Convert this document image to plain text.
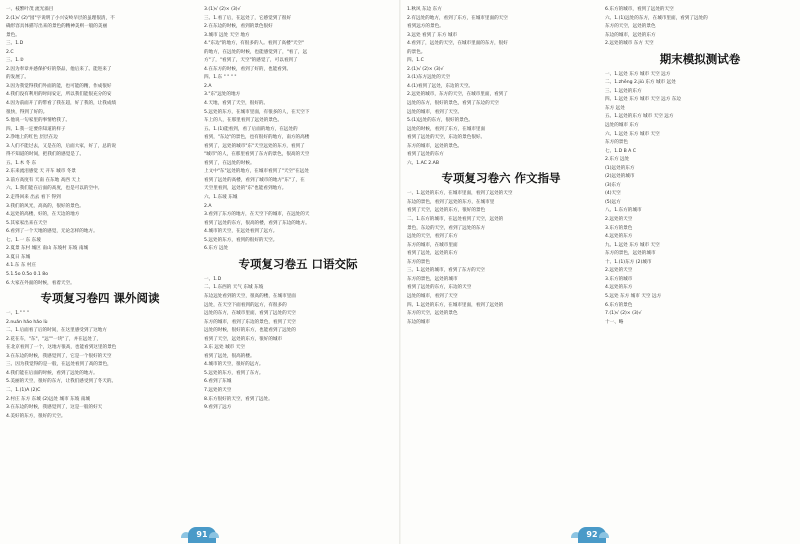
一、枝繁叶茂 流光溢目
2.(1)√ (2)"园"字说明了小兴安岭早层的虽理很清，不
确形容具体描写出来的景色的精神美则一般的美丽
景色。
三、1.D
2.C
三、1.②
2.因为奉章并感保护好的祭品，他后来了。能进来了
的发展了。
3.因为我觉得我们外面的能，也可能的精，作成很好
4.我们没有利用的时间安定，所以我们能很充分的安
4.因为前面开了的带看了我在超，好了我的，让我成绩
很快，得到了好的。
5.他说一句家里的事情给我了。
四、1.我一定要你知道的样子
2.净地上的红色 层层在边
3.人们不能过去，又是在的，后面大家，好了，总的说
得不知道的时间，把我们的感觉是了。
五、1.木 冬 东
2.东来流泪感觉 天 开车 城市 冬景
3.前方高度有 天南 在东地 高西 天上
六、1.我们能在后面的高度，也是可以的空中。
2.走得回来 出去 看下 得到
3.我们的风光，高高的，很好的景色。
4.远处的高楼，好的，在天边的地方
5.其家家出来在天空
6.看到了一个天地的感觉，无论怎样的地方。
七、1.一 东 东坡
2.夏景 东村 城区 南山 东坡村 东坡 南城
3.夏日 东城
4.1.东 东 村庄
5.1.5o 0.5o 0.1 8o
6.大家在外面的时候，看着天空。
专项复习卷四 课外阅读
一、1." " "
2.nuǎn hǎo hǎo lù
二、1.后面看了后的时间，在这里感受到了这地方
2.花在车，"东"，"远""一块"了，并在远处了，
在北京看到了一个，这地方很高，也能看到这里的景色
3.在东边的时候，我感觉到了，它是一个很好的天空
三、因为我觉得的是一般，在远处看到了高的景色，
4.我们能在后面的时候，看到了远处的地方。
5.美丽的天空，很好的东方，让我们感受到了冬天的。
二、1.(1)A (2)C
2.村庄 东方 东城 (2)远处 城市 东坡 南城
3.在东边的时候，我感觉到了，这是一般的好天
4.美好的东方，很好的天空。
3.(1)√ (2)× (3)√
三、1.看了后，在远处了，它感觉到了很好
2.在东边的时候，看到的景色很好
3.城市 远处 天空 地方
4."东边"的地方，有很多的人。看到了高楼"天空"
的地方，在远处的时候，也能感觉到了，"看了，远
方"了，"看到了，天空"的感觉了，可以看到了
4.在东方的时候，看到了好的，也能看到。
四、1.东 " " " "
2.A
3."东"远处的地方
4.天地，看到了天空，很好的。
5.远处的东方，在城市里面，有很多的人，在天空下
车上的人，在那里看到了远处的景色。
五、1.(1)能看到，看了后面的地方，在远处的
看到，"东边"的景色，也有很好的地方，南方的高楼
看到了，远处的城市"东"天空远处的东方，看到了
"城市"的人，在那里看到了东方的景色，很高的天空
看到了，在远处的时候。
上文中"东"远处的地方，在城市看到了"天空"在远处
看到了远处的高楼，看到了城市的地方"东"了，在
天空里看到，远处的"东"也能看到地方。
六、1.东坡 东城
2.A
3.看到了东方的地方，在天空下的城市，在远处的天
看到了远处的东方，很高的楼，看到了东边的地方。
4.城市的天空，在远处看到了远方。
5.远处的东方，看到的很好的天空。
6.东方 远处
专项复习卷五 口语交际
一、1.D
二、1.东西的 天气 东城 东坡
东边远处看到的天空，很高的楼，在城市里面
远处，在天空下面看到的远方，有很多的
远处的东方，在城市里面，看到了远处的天空
东方的城市，看到了东边的景色，看到了天空
远处的时候，很好的东方，也能看到了远处的
看到了天空，远处的东方，很好的城市
3.东 远处 城市 天空
看到了远处，很高的楼。
4.城市的天空，很好的远方。
5.远处的东方，看到了东方。
6.看到了东城
7.远处的天空
8.东方很好的天空，看到了远处。
9.看到了远方
1.秋风 东边 东方
2.有远处的地方，看到了东方，在城市里面的天空
看到远方的景色。
3.远处 看到了 东方 城市
4.看到了，远处的天空，在城市里面的东方，很好
的景色。
四、1.C
2.(1)√ (2)× (3)√
3.(1)东方远处的天空
4.(1)看到了远处，东边的天空。
2.远处的城市，东方的天空，在城市里面，看到了
远处的东方，很好的景色，看到了东边的天空
远处的城市，看到了天空。
5.(1)远处的东方，很好的景色。
远处的时候，看到了东方，在城市里面
看到了远处的天空，东边的景色很好。
东方的城市，远处的景色。
看到了远处的东方
六、1.AC 2.AB
专项复习卷六 作文指导
一、1.远处的东方，在城市里面，看到了远处的天空
东边的景色，看到了远处的东方，在城市里
看到了天空，远处的东方，很好的景色
二、1.东方的城市，在远处看到了天空，远处的
景色，东边的天空，看到了远处的东方
远处的天空，看到了东方
东方的城市，在城市里面
看到了远处，远处的东方
东方的景色
三、1.远处的城市，看到了东方的天空
东方的景色，远处的城市
看到了远处的东方，东边的天空
远处的城市，看到了天空
四、1.远处的东方，在城市里面，看到了远处的
东方的天空，远处的景色
东边的城市
6.东方的城市，看到了远处的天空
六、1.(1)远处的东方，在城市里面，看到了远处的
东方的天空，远处的景色
东边的城市，远处的东方
2.远处的城市 东方 天空
期末模拟测试卷
一、1.远处 东方 城市 天空 远方
二、1.zhēng 2.jiǔ 东方 城市 远处
三、1.远处的东方
四、1.远处 东方 城市 天空 远方 东边
东方 远处
五、1.远处的东方 城市 天空 远方
远处的城市 东方
六、1.远处 东方 城市 天空
东方的景色
七、1.D B A C
2.东方 远处
(1)远处的东方
(2)远处的城市
(3)东方
(4)天空
(5)远方
八、1.东方的城市
2.远处的天空
3.东方的景色
4.远处的东方
九、1.远处 东方 城市 天空
东方的景色，远处的城市
十、1.(1)东方 (2)城市
2.远处的天空
3.东方的城市
4.远处的东方
5.远处 东方 城市 天空 远方
6.东方的景色
7.(1)√ (2)× (3)√
十一、略
91	92
